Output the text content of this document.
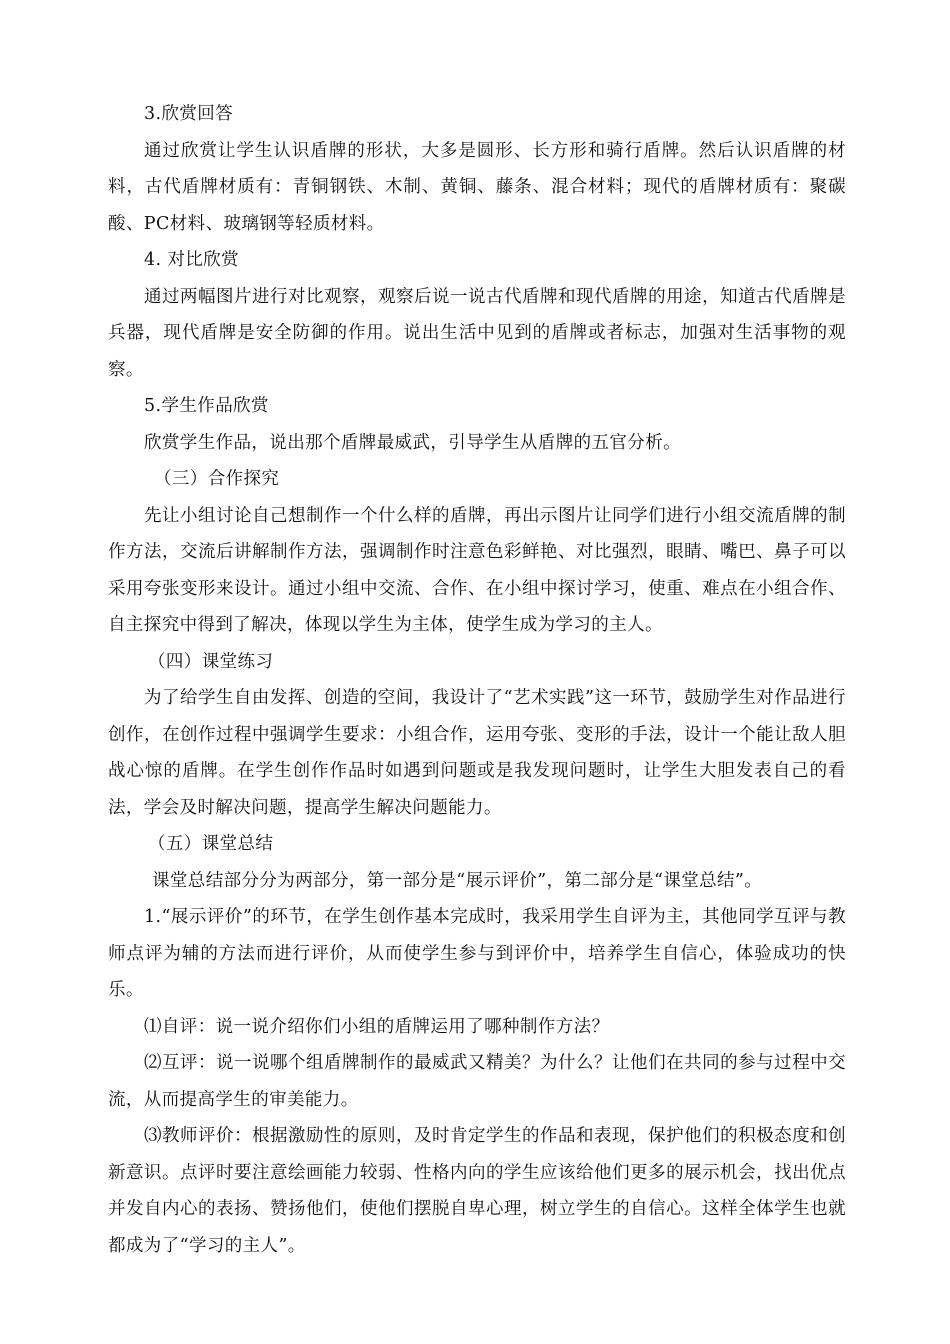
3.欣赏回答

通过欣赏让学生认识盾牌的形状，大多是圆形、长方形和骑行盾牌。然后认识盾牌的材料，古代盾牌材质有：青铜钢铁、木制、黄铜、藤条、混合材料；现代的盾牌材质有：聚碳酸、PC材料、玻璃钢等轻质材料。

4. 对比欣赏

通过两幅图片进行对比观察，观察后说一说古代盾牌和现代盾牌的用途，知道古代盾牌是兵器，现代盾牌是安全防御的作用。说出生活中见到的盾牌或者标志，加强对生活事物的观察。

5.学生作品欣赏

欣赏学生作品，说出那个盾牌最威武，引导学生从盾牌的五官分析。

（三）合作探究

先让小组讨论自己想制作一个什么样的盾牌，再出示图片让同学们进行小组交流盾牌的制作方法，交流后讲解制作方法，强调制作时注意色彩鲜艳、对比强烈，眼睛、嘴巴、鼻子可以采用夸张变形来设计。通过小组中交流、合作、在小组中探讨学习，使重、难点在小组合作、自主探究中得到了解决，体现以学生为主体，使学生成为学习的主人。

（四）课堂练习

为了给学生自由发挥、创造的空间，我设计了“艺术实践”这一环节，鼓励学生对作品进行创作，在创作过程中强调学生要求：小组合作，运用夸张、变形的手法，设计一个能让敌人胆战心惊的盾牌。在学生创作作品时如遇到问题或是我发现问题时，让学生大胆发表自己的看法，学会及时解决问题，提高学生解决问题能力。

（五）课堂总结

课堂总结部分分为两部分，第一部分是“展示评价”，第二部分是“课堂总结”。

1.“展示评价”的环节，在学生创作基本完成时，我采用学生自评为主，其他同学互评与教师点评为辅的方法而进行评价，从而使学生参与到评价中，培养学生自信心，体验成功的快乐。

⑴自评：说一说介绍你们小组的盾牌运用了哪种制作方法？

⑵互评：说一说哪个组盾牌制作的最威武又精美？为什么？让他们在共同的参与过程中交流，从而提高学生的审美能力。

⑶教师评价：根据激励性的原则，及时肯定学生的作品和表现，保护他们的积极态度和创新意识。点评时要注意绘画能力较弱、性格内向的学生应该给他们更多的展示机会，找出优点并发自内心的表扬、赞扬他们，使他们摆脱自卑心理，树立学生的自信心。这样全体学生也就都成为了“学习的主人”。
